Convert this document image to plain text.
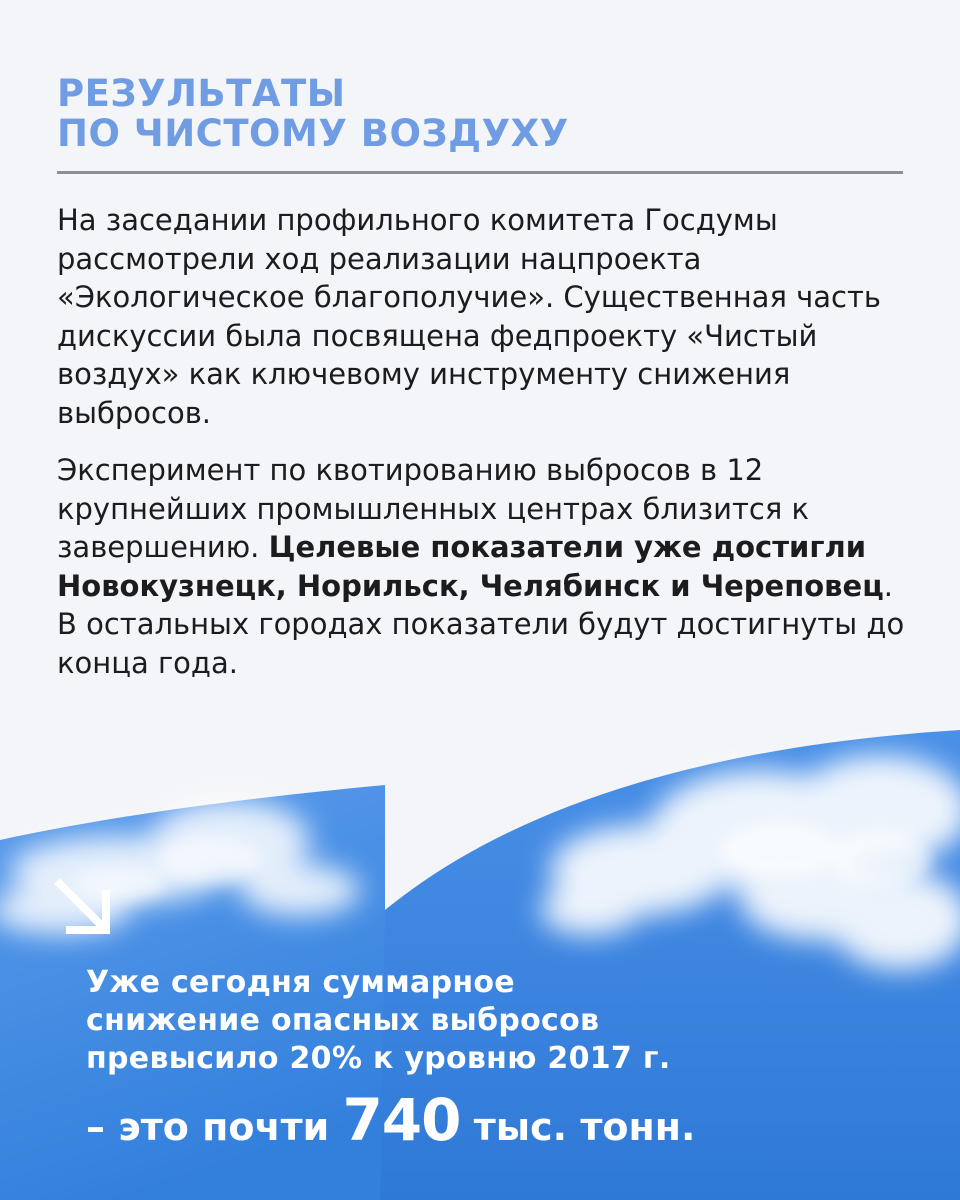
РЕЗУЛЬТАТЫ
ПО ЧИСТОМУ ВОЗДУХУ

На заседании профильного комитета Госдумы рассмотрели ход реализации нацпроекта «Экологическое благополучие». Существенная часть дискуссии была посвящена федпроекту «Чистый воздух» как ключевому инструменту снижения выбросов.

Эксперимент по квотированию выбросов в 12 крупнейших промышленных центрах близится к завершению. Целевые показатели уже достигли Новокузнецк, Норильск, Челябинск и Череповец. В остальных городах показатели будут достигнуты до конца года.

Уже сегодня суммарное
снижение опасных выбросов
превысило 20% к уровню 2017 г.

– это почти 740 тыс. тонн.
